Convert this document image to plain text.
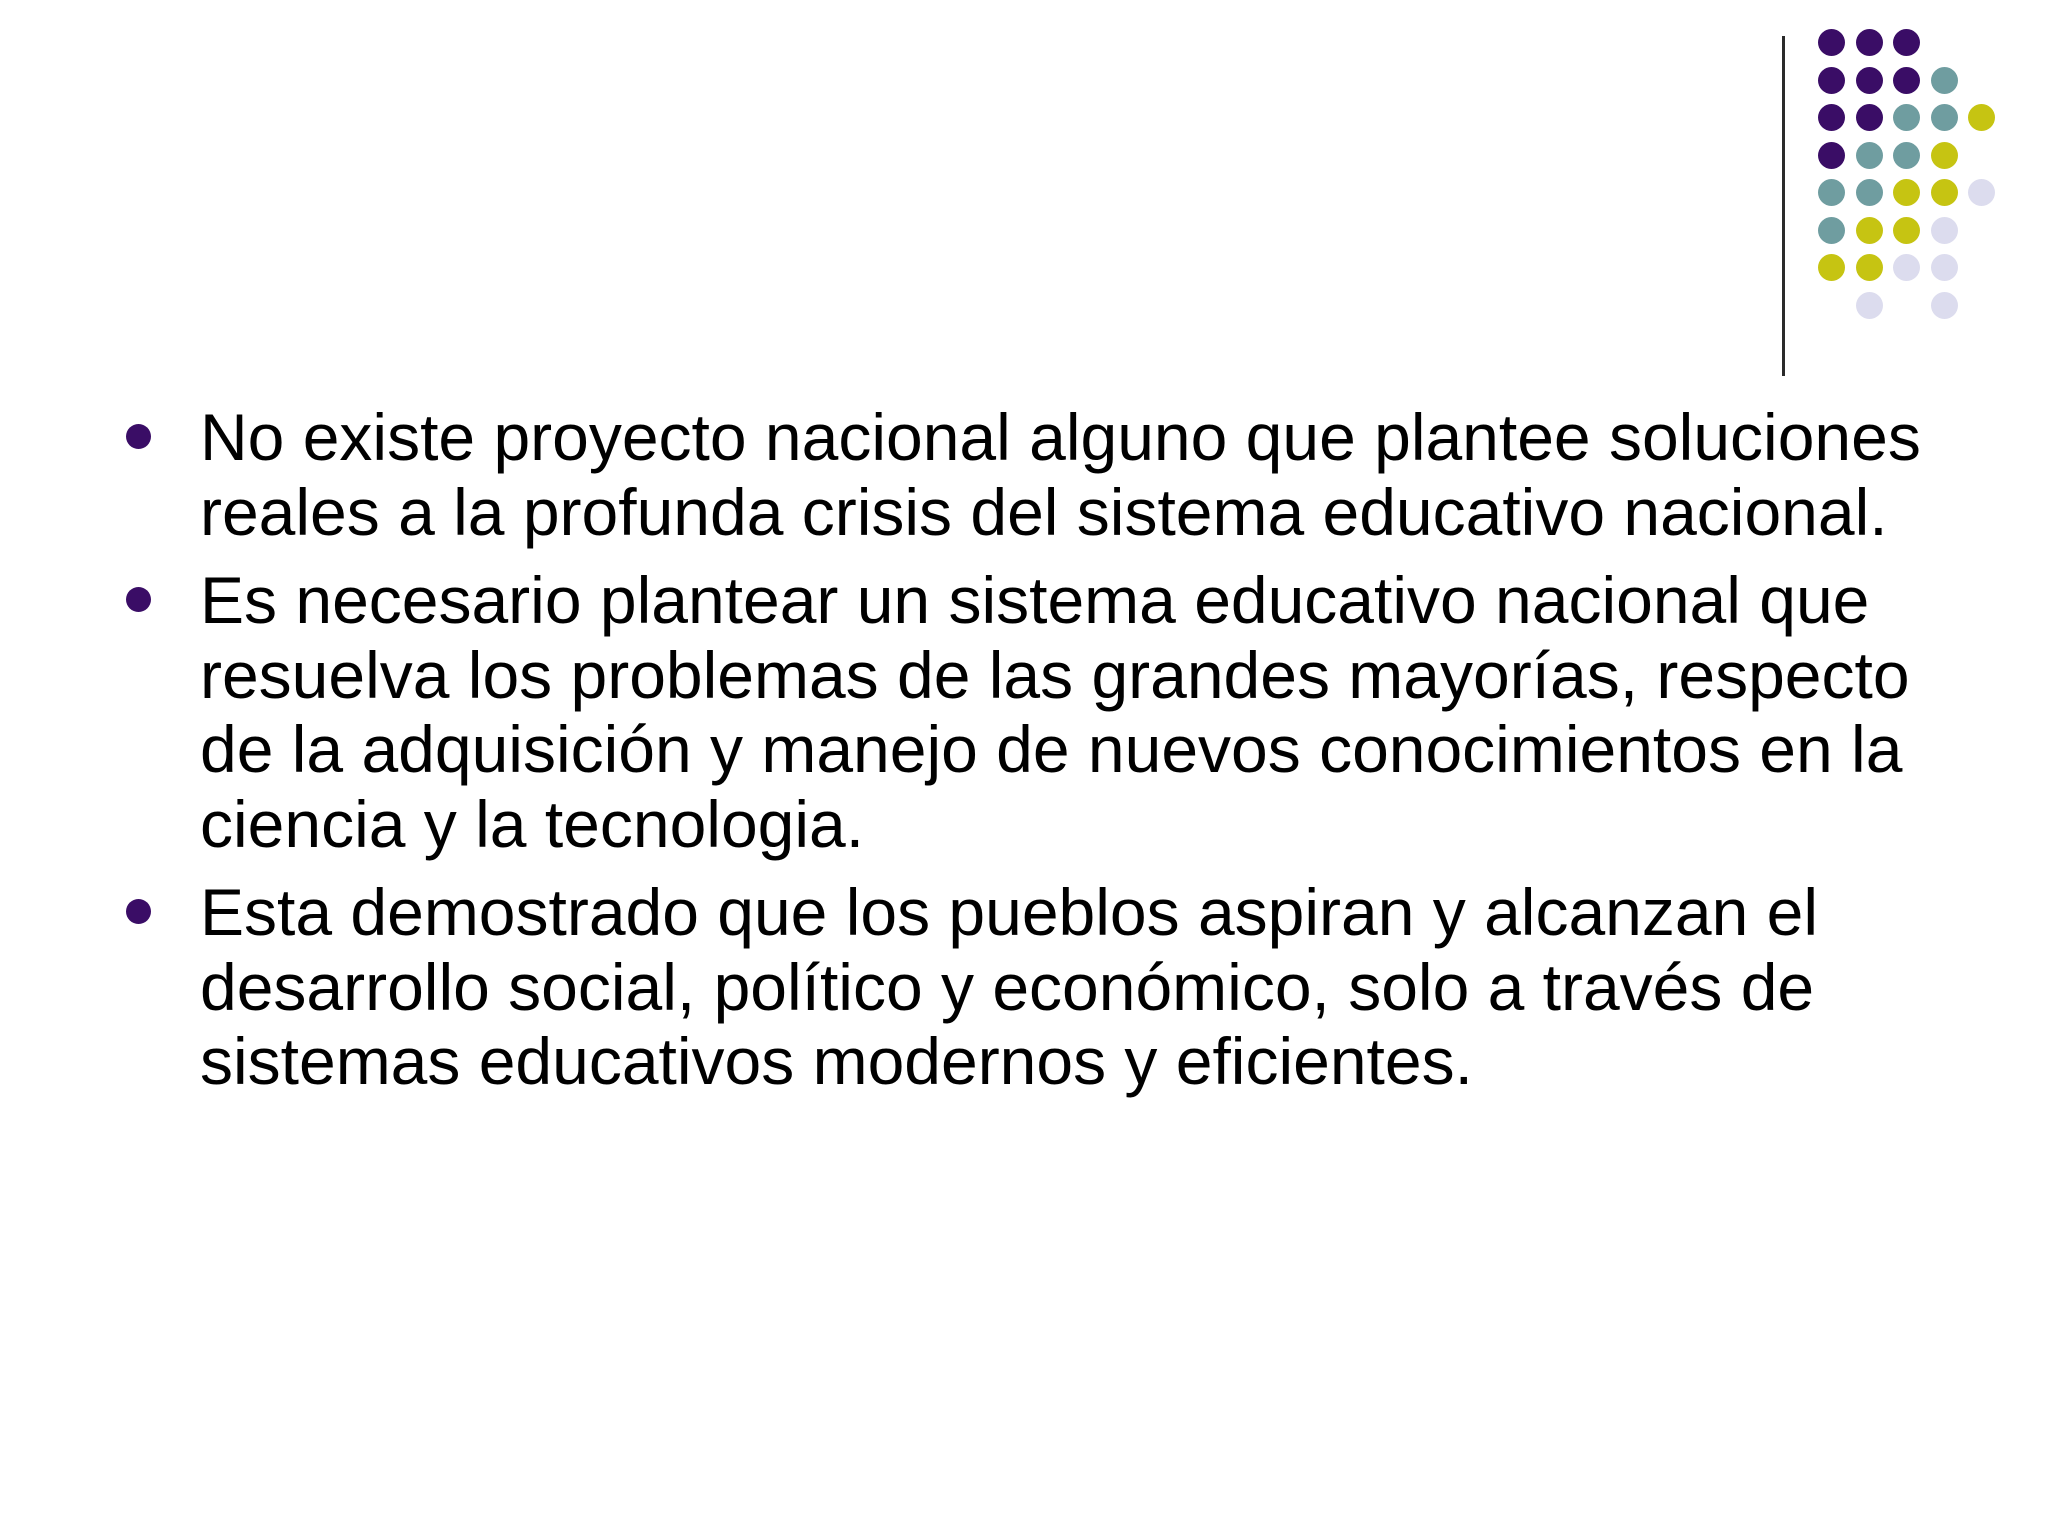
No existe proyecto nacional alguno que plantee soluciones reales a la profunda crisis del sistema educativo nacional.
Es necesario plantear un sistema educativo nacional que resuelva los problemas de las grandes mayorías, respecto de la adquisición y manejo de nuevos conocimientos en la ciencia y la tecnologia.
Esta demostrado que los pueblos aspiran y alcanzan el desarrollo social, político y económico, solo a través de sistemas educativos modernos y eficientes.
